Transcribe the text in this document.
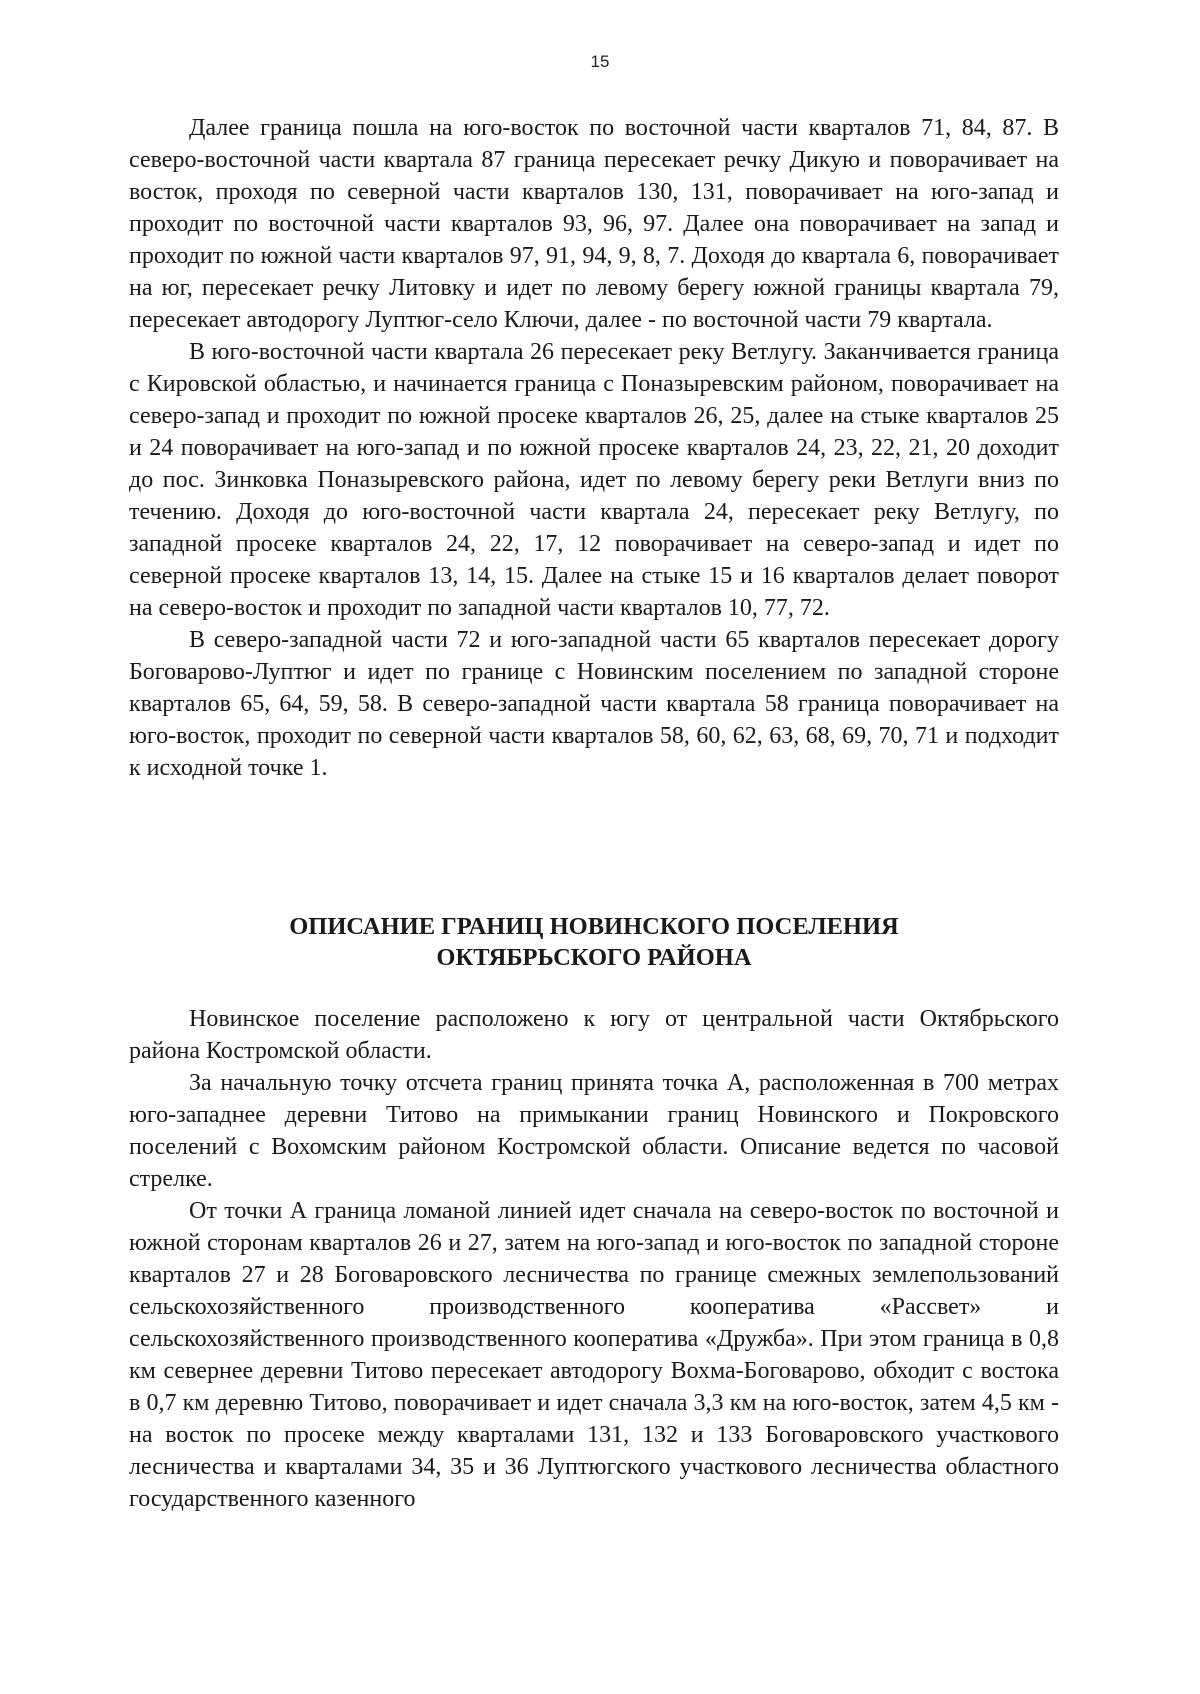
15

Далее граница пошла на юго-восток по восточной части кварталов 71, 84, 87. В северо-восточной части квартала 87 граница пересекает речку Дикую и поворачивает на восток, проходя по северной части кварталов 130, 131, поворачивает на юго-запад и проходит по восточной части кварталов 93, 96, 97. Далее она поворачивает на запад и проходит по южной части кварталов 97, 91, 94, 9, 8, 7. Доходя до квартала 6, поворачивает на юг, пересекает речку Литовку и идет по левому берегу южной границы квартала 79, пересекает автодорогу Луптюг-село Ключи, далее - по восточной части 79 квартала.

В юго-восточной части квартала 26 пересекает реку Ветлугу. Заканчивается граница с Кировской областью, и начинается граница с Поназыревским районом, поворачивает на северо-запад и проходит по южной просеке кварталов 26, 25, далее на стыке кварталов 25 и 24 поворачивает на юго-запад и по южной просеке кварталов 24, 23, 22, 21, 20 доходит до пос. Зинковка Поназыревского района, идет по левому берегу реки Ветлуги вниз по течению. Доходя до юго-восточной части квартала 24, пересекает реку Ветлугу, по западной просеке кварталов 24, 22, 17, 12 поворачивает на северо-запад и идет по северной просеке кварталов 13, 14, 15. Далее на стыке 15 и 16 кварталов делает поворот на северо-восток и проходит по западной части кварталов 10, 77, 72.

В северо-западной части 72 и юго-западной части 65 кварталов пересекает дорогу Боговарово-Луптюг и идет по границе с Новинским поселением по западной стороне кварталов 65, 64, 59, 58. В северо-западной части квартала 58 граница поворачивает на юго-восток, проходит по северной части кварталов 58, 60, 62, 63, 68, 69, 70, 71 и подходит к исходной точке 1.

ОПИСАНИЕ ГРАНИЦ НОВИНСКОГО ПОСЕЛЕНИЯ
ОКТЯБРЬСКОГО РАЙОНА

Новинское поселение расположено к югу от центральной части Октябрьского района Костромской области.

За начальную точку отсчета границ принята точка А, расположенная в 700 метрах юго-западнее деревни Титово на примыкании границ Новинского и Покровского поселений с Вохомским районом Костромской области. Описание ведется по часовой стрелке.

От точки А граница ломаной линией идет сначала на северо-восток по восточной и южной сторонам кварталов 26 и 27, затем на юго-запад и юго-восток по западной стороне кварталов 27 и 28 Боговаровского лесничества по границе смежных землепользований сельскохозяйственного производственного кооператива «Рассвет» и сельскохозяйственного производственного кооператива «Дружба». При этом граница в 0,8 км севернее деревни Титово пересекает автодорогу Вохма-Боговарово, обходит с востока в 0,7 км деревню Титово, поворачивает и идет сначала 3,3 км на юго-восток, затем 4,5 км - на восток по просеке между кварталами 131, 132 и 133 Боговаровского участкового лесничества и кварталами 34, 35 и 36 Луптюгского участкового лесничества областного государственного казенного
